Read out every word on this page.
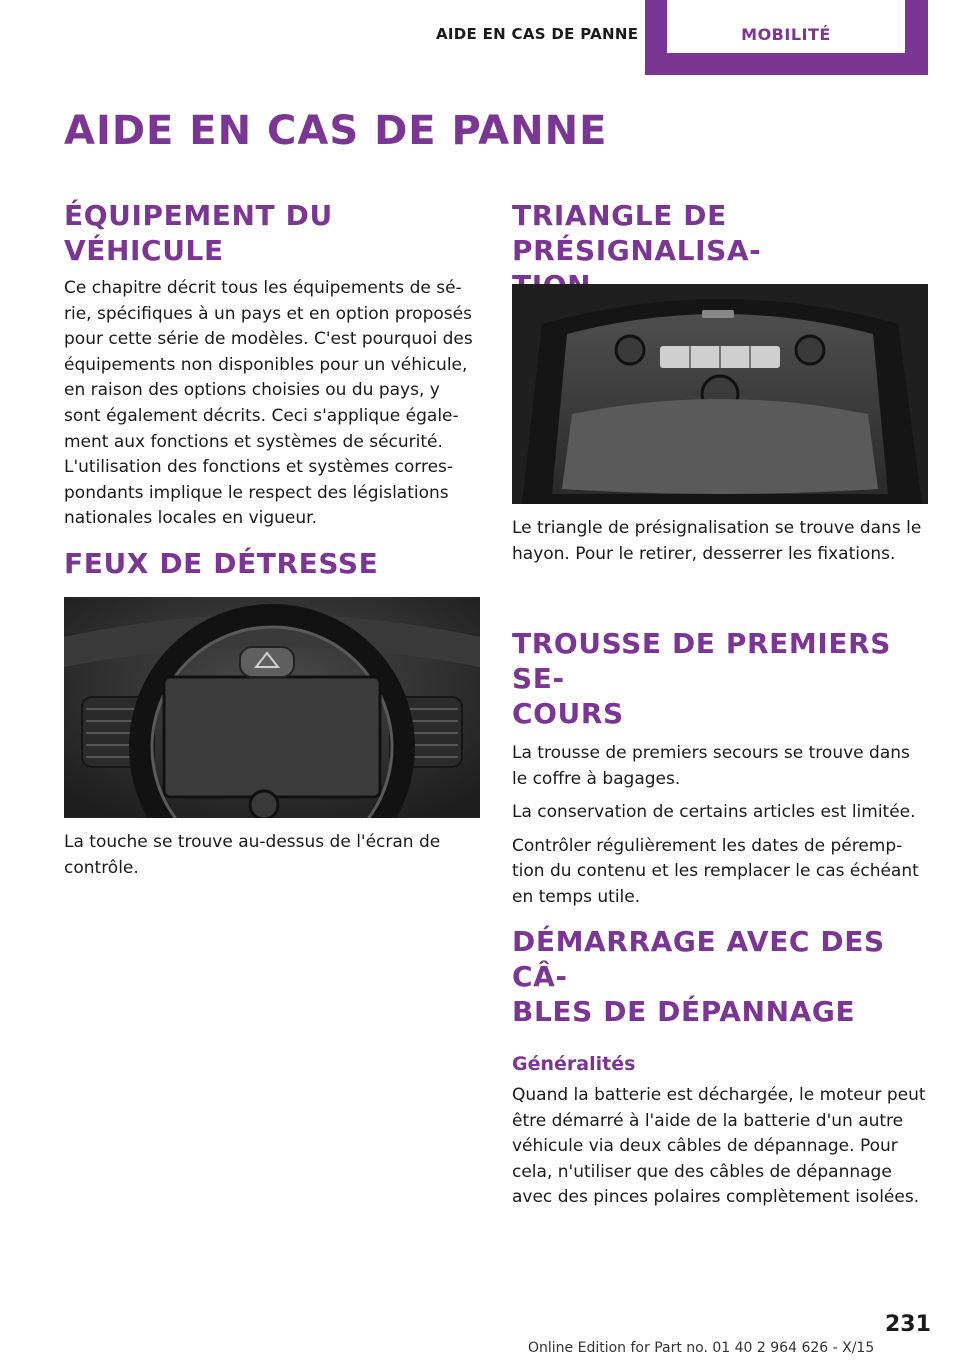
AIDE EN CAS DE PANNE	MOBILITÉ
AIDE EN CAS DE PANNE
ÉQUIPEMENT DU VÉHICULE

Ce chapitre décrit tous les équipements de série, spécifiques à un pays et en option proposés pour cette série de modèles. C'est pourquoi des équipements non disponibles pour un véhicule, en raison des options choisies ou du pays, y sont également décrits. Ceci s'applique également aux fonctions et systèmes de sécurité. L'utilisation des fonctions et systèmes correspondants implique le respect des législations nationales locales en vigueur.

FEUX DE DÉTRESSE

La touche se trouve au-dessus de l'écran de contrôle.

TRIANGLE DE PRÉSIGNALISA-

Le triangle de présignalisation se trouve dans le hayon. Pour le retirer, desserrer les fixations.

TROUSSE DE PREMIERS SE-
COURS

La trousse de premiers secours se trouve dans le coffre à bagages.

La conservation de certains articles est limitée.

Contrôler régulièrement les dates de péremption du contenu et les remplacer le cas échéant en temps utile.

DÉMARRAGE AVEC DES CÂ-
BLES DE DÉPANNAGE
Généralités

Quand la batterie est déchargée, le moteur peut être démarré à l'aide de la batterie d'un autre véhicule via deux câbles de dépannage. Pour cela, n'utiliser que des câbles de dépannage avec des pinces polaires complètement isolées.

231
Online Edition for Part no. 01 40 2 964 626 - X/15
